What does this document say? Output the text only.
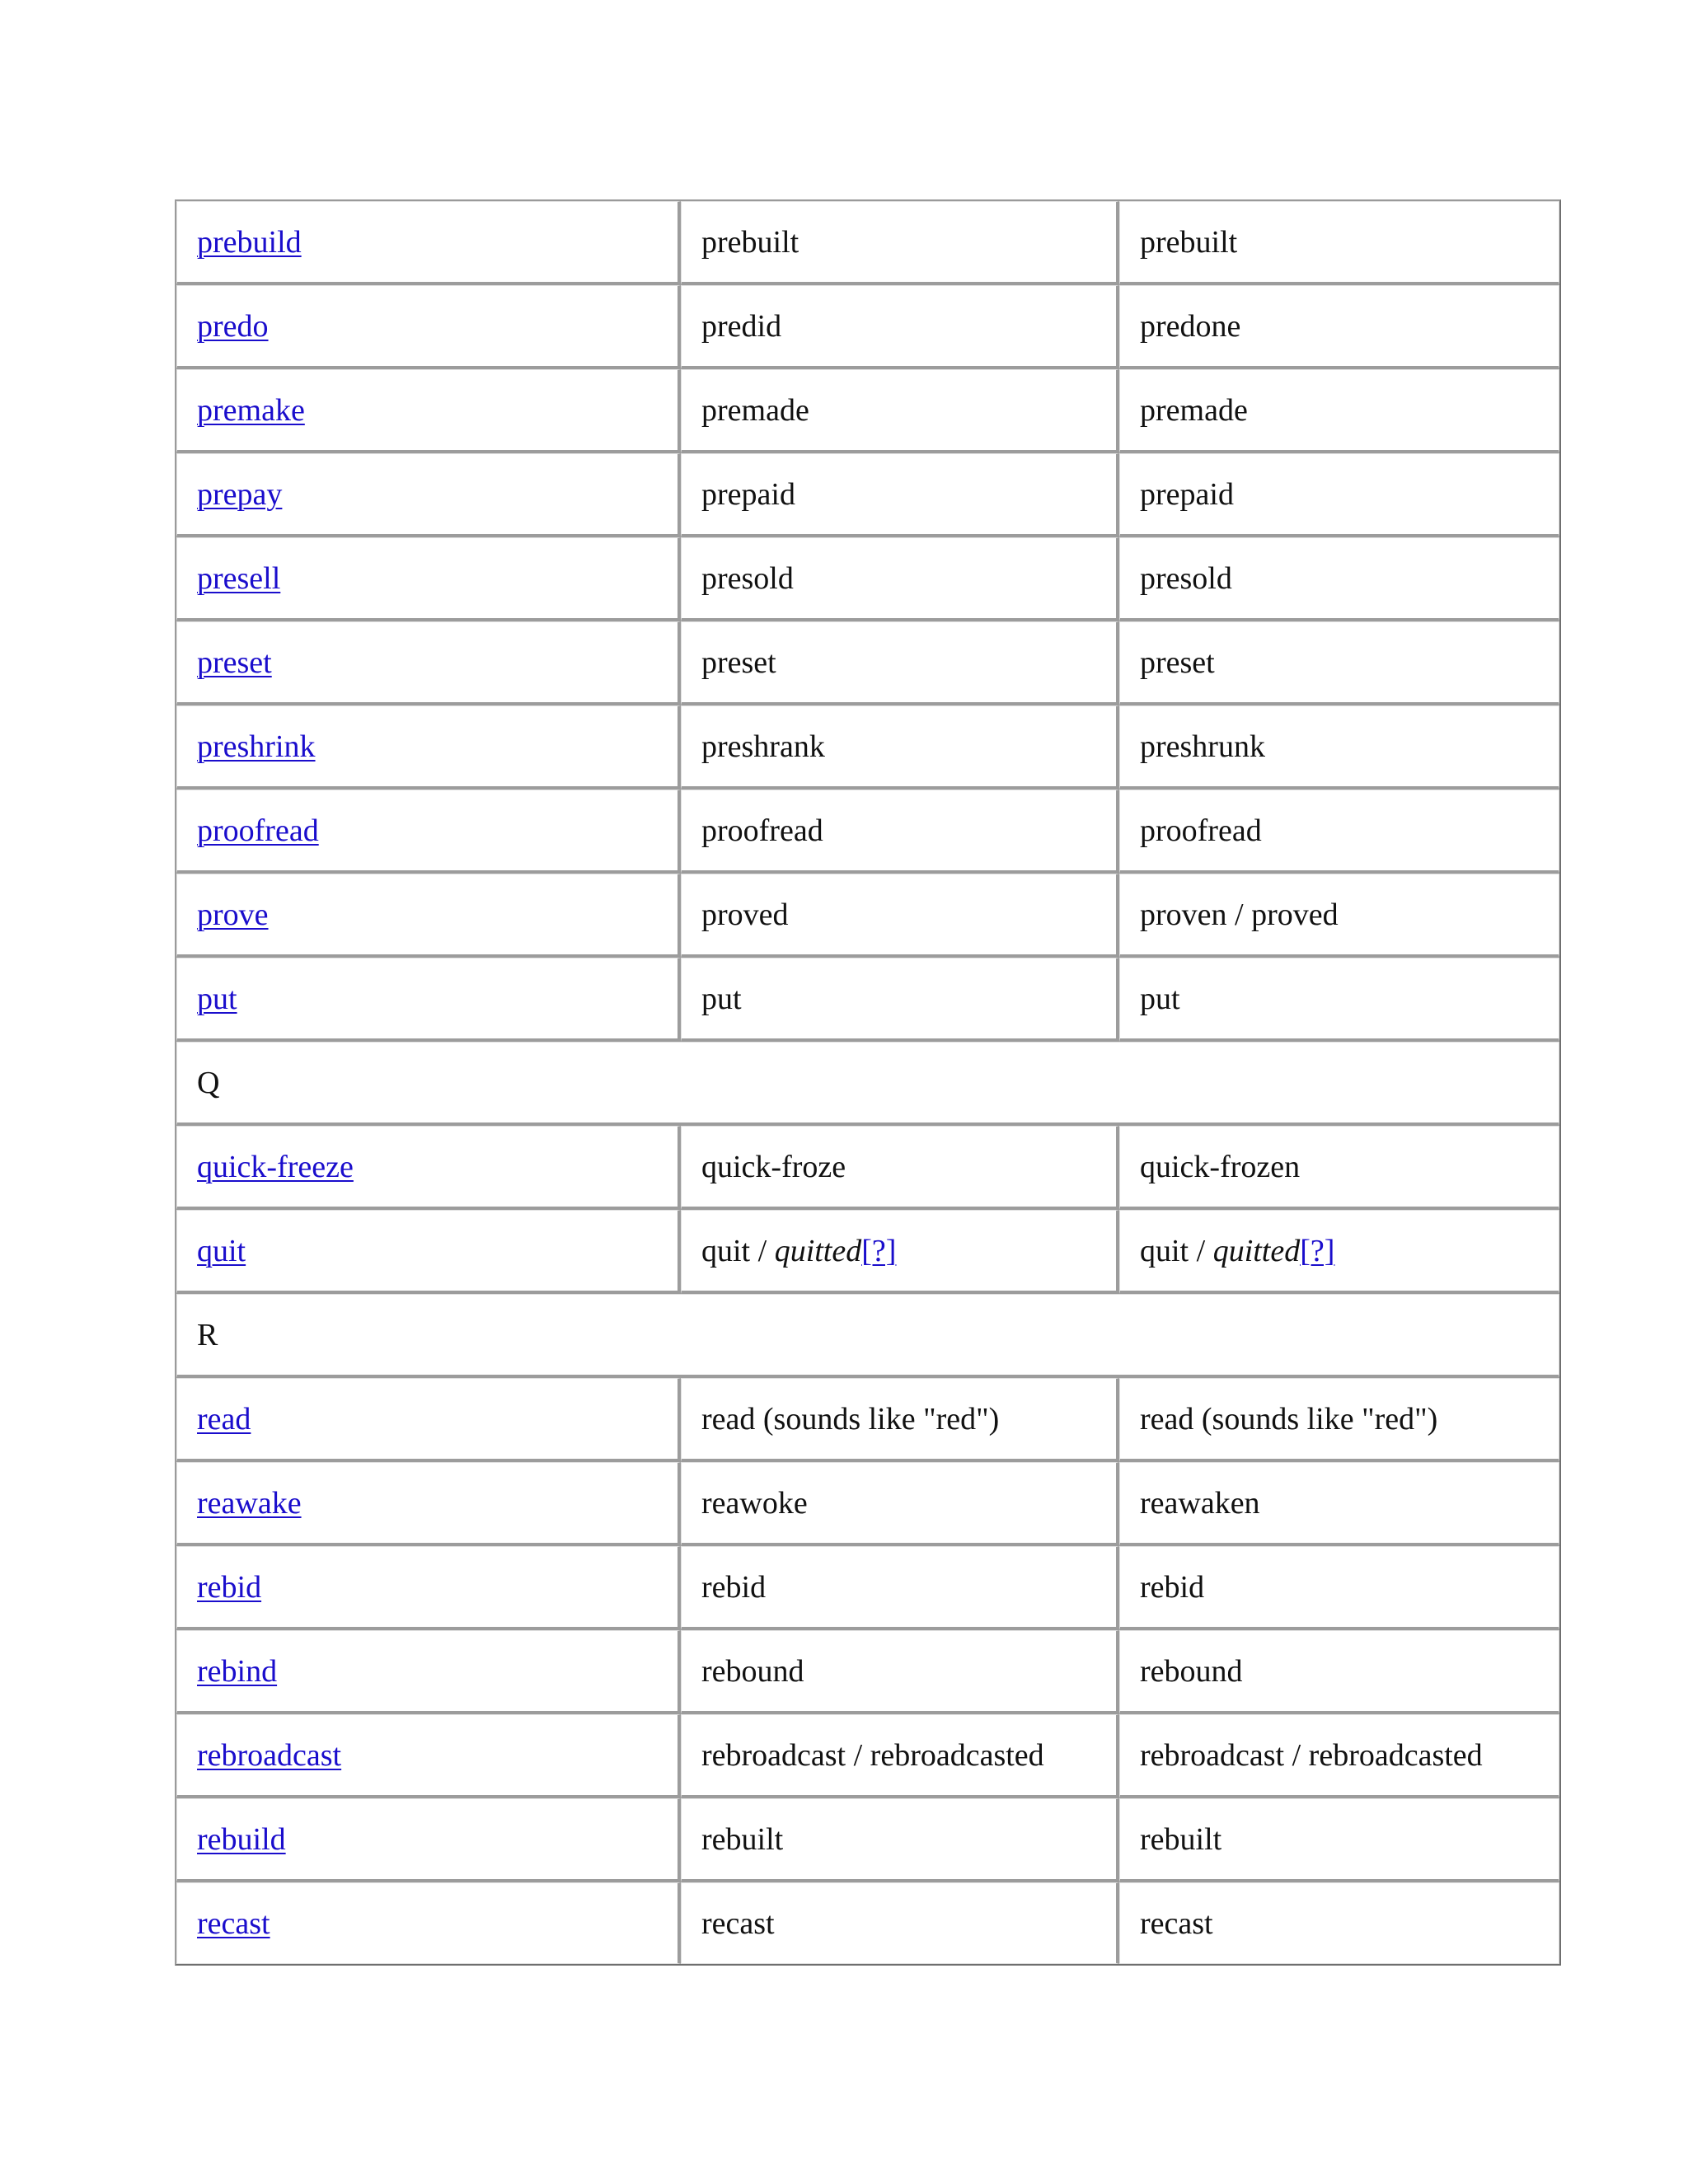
prebuild	prebuilt	prebuilt
predo	predid	predone
premake	premade	premade
prepay	prepaid	prepaid
presell	presold	presold
preset	preset	preset
preshrink	preshrank	preshrunk
proofread	proofread	proofread
prove	proved	proven / proved
put	put	put
Q		
quick-freeze	quick-froze	quick-frozen
quit	quit / quitted[?]	quit / quitted[?]
R		
read	read (sounds like "red")	read (sounds like "red")
reawake	reawoke	reawaken
rebid	rebid	rebid
rebind	rebound	rebound
rebroadcast	rebroadcast / rebroadcasted	rebroadcast / rebroadcasted
rebuild	rebuilt	rebuilt
recast	recast	recast
